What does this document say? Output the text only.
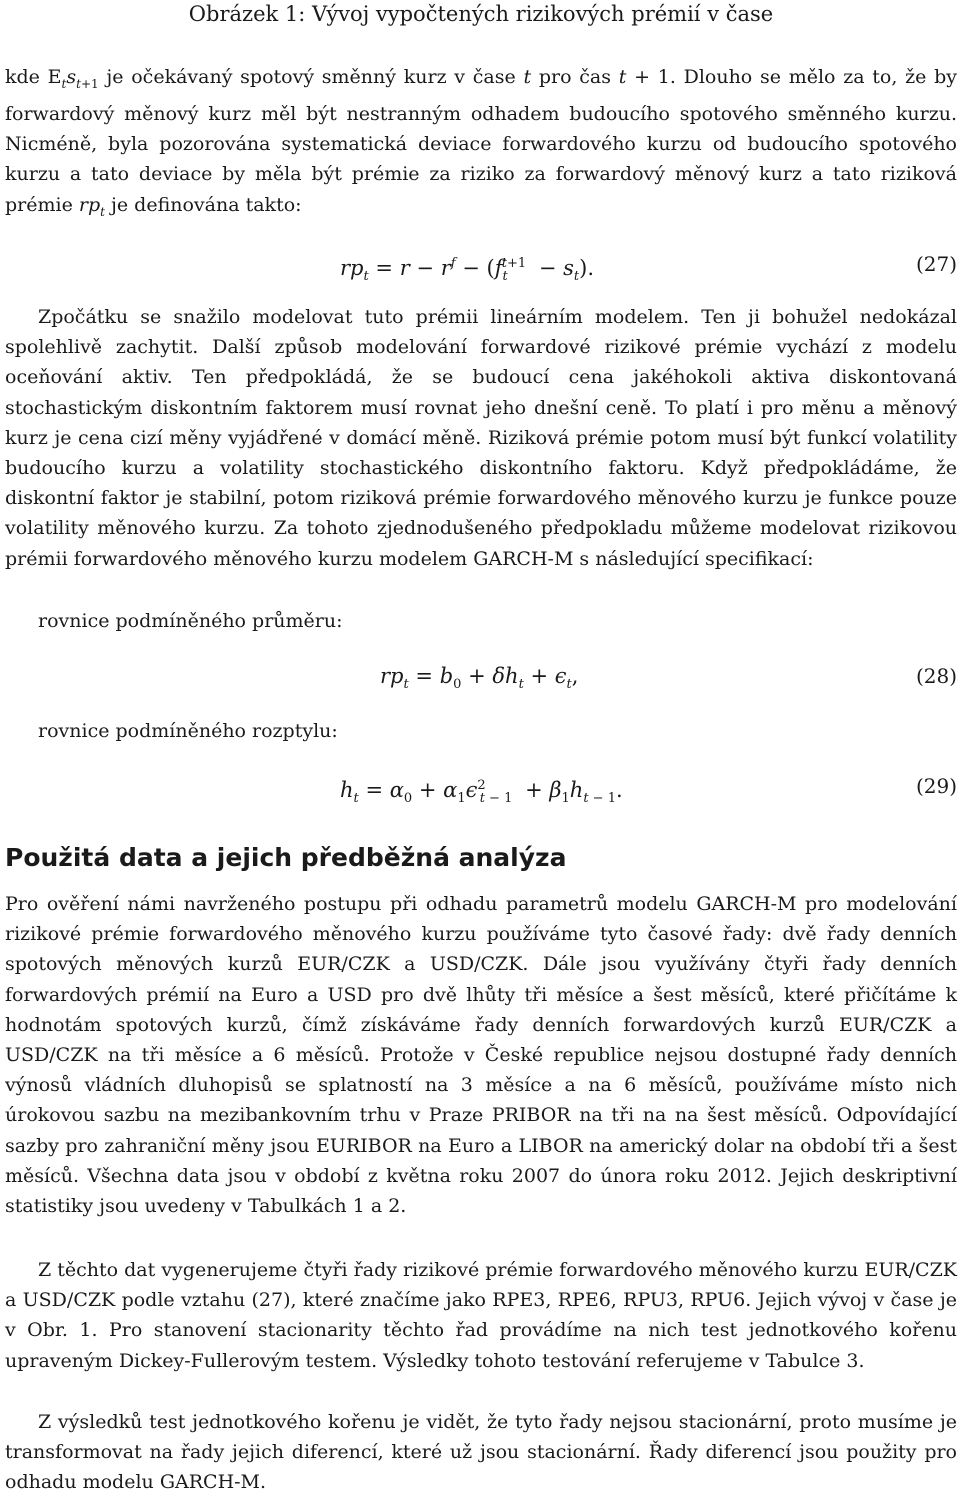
Obrázek 1: Vývoj vypočtených rizikových prémií v čase
kde $E_ts_{t+1}$ je očekávaný spotový směnný kurz v čase t pro čas t + 1. Dlouho se mělo za to, že by forwardový měnový kurz měl být nestranným odhadem budoucího spotového směnného kurzu. Nicméně, byla pozorována systematická deviace forwardového kurzu od budoucího spotového kurzu a tato deviace by měla být prémie za riziko za forwardový měnový kurz a tato riziková prémie $rp_t$ je definována takto:
$rp_t = r - r^f - (f_t^{t+1} - s_t)$.	(27)
Zpočátku se snažilo modelovat tuto prémii lineárním modelem. Ten ji bohužel nedokázal spolehlivě zachytit. Další způsob modelování forwardové rizikové prémie vychází z modelu oceňování aktiv. Ten předpokládá, že se budoucí cena jakéhokoli aktiva diskontovaná stochastickým diskontním faktorem musí rovnat jeho dnešní ceně. To platí i pro měnu a měnový kurz je cena cizí měny vyjádřené v domácí měně. Riziková prémie potom musí být funkcí volatility budoucího kurzu a volatility stochastického diskontního faktoru. Když předpokládáme, že diskontní faktor je stabilní, potom riziková prémie forwardového měnového kurzu je funkce pouze volatility měnového kurzu. Za tohoto zjednodušeného předpokladu můžeme modelovat rizikovou prémii forwardového měnového kurzu modelem GARCH-M s následující specifikací:
rovnice podmíněného průměru:
$rp_t = b_0 + \delta h_t + \epsilon_t$,	(28)
rovnice podmíněného rozptylu:
$h_t = \alpha_0 + \alpha_1\epsilon^2_{t - 1} + \beta_1h_{t - 1}$.	(29)
Použitá data a jejich předběžná analýza
Pro ověření námi navrženého postupu při odhadu parametrů modelu GARCH-M pro modelování rizikové prémie forwardového měnového kurzu používáme tyto časové řady: dvě řady denních spotových měnových kurzů EUR/CZK a USD/CZK. Dále jsou využívány čtyři řady denních forwardových prémií na Euro a USD pro dvě lhůty tři měsíce a šest měsíců, které přičítáme k hodnotám spotových kurzů, čímž získáváme řady denních forwardových kurzů EUR/CZK a USD/CZK na tři měsíce a 6 měsíců. Protože v České republice nejsou dostupné řady denních výnosů vládních dluhopisů se splatností na 3 měsíce a na 6 měsíců, používáme místo nich úrokovou sazbu na mezibankovním trhu v Praze PRIBOR na tři na na šest měsíců. Odpovídající sazby pro zahraniční měny jsou EURIBOR na Euro a LIBOR na americký dolar na období tři a šest měsíců. Všechna data jsou v období z května roku 2007 do února roku 2012. Jejich deskriptivní statistiky jsou uvedeny v Tabulkách 1 a 2.
Z těchto dat vygenerujeme čtyři řady rizikové prémie forwardového měnového kurzu EUR/CZK a USD/CZK podle vztahu (27), které značíme jako RPE3, RPE6, RPU3, RPU6. Jejich vývoj v čase je v Obr. 1. Pro stanovení stacionarity těchto řad provádíme na nich test jednotkového kořenu upraveným Dickey-Fullerovým testem. Výsledky tohoto testování referujeme v Tabulce 3.
Z výsledků test jednotkového kořenu je vidět, že tyto řady nejsou stacionární, proto musíme je transformovat na řady jejich diferencí, které už jsou stacionární. Řady diferencí jsou použity pro odhadu modelu GARCH-M.
